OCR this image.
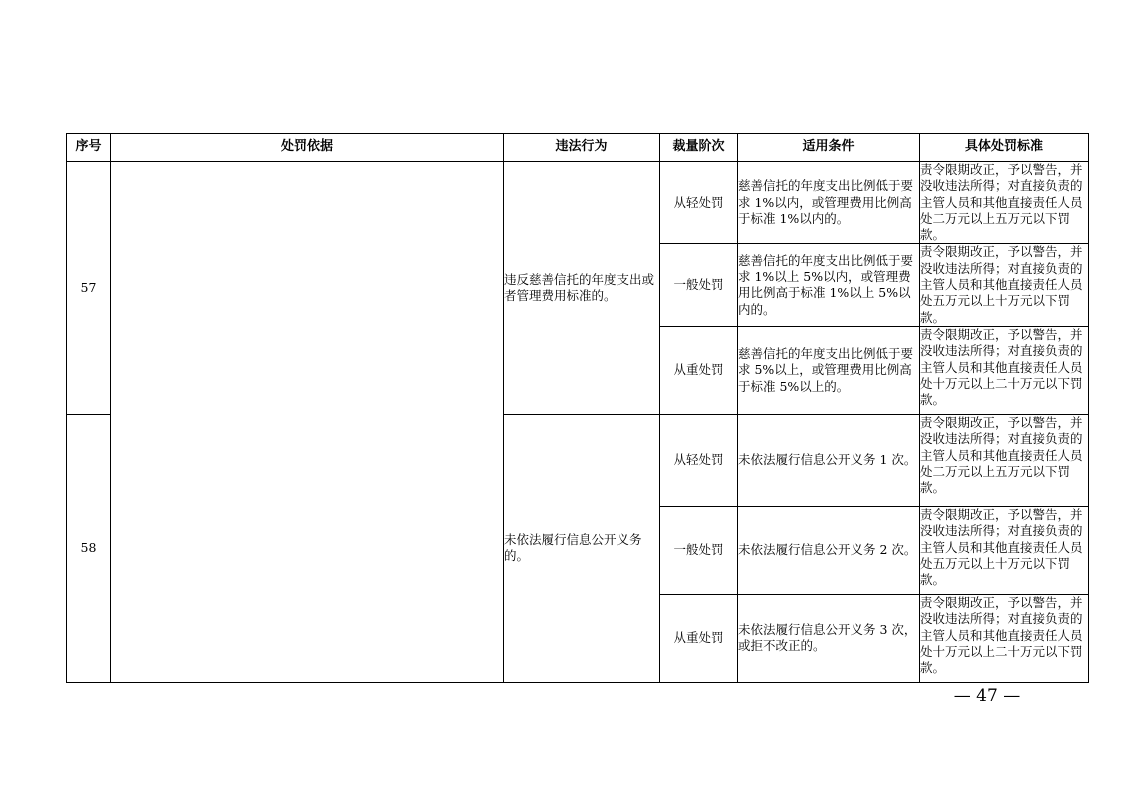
序号	处罚依据	违法行为	裁量阶次	适用条件	具体处罚标准
57		违反慈善信托的年度支出或者管理费用标准的。	从轻处罚	慈善信托的年度支出比例低于要求 1%以内，或管理费用比例高于标准 1%以内的。	责令限期改正，予以警告，并没收违法所得；对直接负责的主管人员和其他直接责任人员处二万元以上五万元以下罚款。
			一般处罚	慈善信托的年度支出比例低于要求 1%以上 5%以内，或管理费用比例高于标准 1%以上 5%以内的。	责令限期改正，予以警告，并没收违法所得；对直接负责的主管人员和其他直接责任人员处五万元以上十万元以下罚款。
			从重处罚	慈善信托的年度支出比例低于要求 5%以上，或管理费用比例高于标准 5%以上的。	责令限期改正，予以警告，并没收违法所得；对直接负责的主管人员和其他直接责任人员处十万元以上二十万元以下罚款。
58		未依法履行信息公开义务的。	从轻处罚	未依法履行信息公开义务 1 次。	责令限期改正，予以警告，并没收违法所得；对直接负责的主管人员和其他直接责任人员处二万元以上五万元以下罚款。
			一般处罚	未依法履行信息公开义务 2 次。	责令限期改正，予以警告，并没收违法所得；对直接负责的主管人员和其他直接责任人员处五万元以上十万元以下罚款。
			从重处罚	未依法履行信息公开义务 3 次，或拒不改正的。	责令限期改正，予以警告，并没收违法所得；对直接负责的主管人员和其他直接责任人员处十万元以上二十万元以下罚款。
— 47 —
